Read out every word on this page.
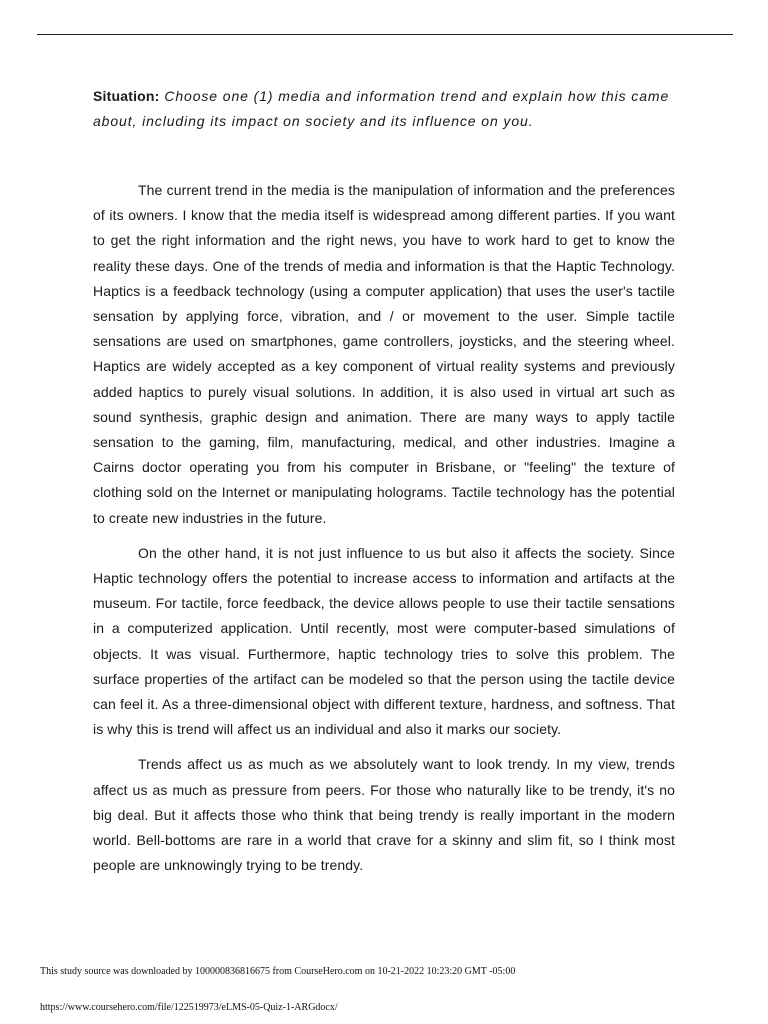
Situation: Choose one (1) media and information trend and explain how this came about, including its impact on society and its influence on you.

The current trend in the media is the manipulation of information and the preferences of its owners. I know that the media itself is widespread among different parties. If you want to get the right information and the right news, you have to work hard to get to know the reality these days. One of the trends of media and information is that the Haptic Technology. Haptics is a feedback technology (using a computer application) that uses the user's tactile sensation by applying force, vibration, and / or movement to the user. Simple tactile sensations are used on smartphones, game controllers, joysticks, and the steering wheel. Haptics are widely accepted as a key component of virtual reality systems and previously added haptics to purely visual solutions. In addition, it is also used in virtual art such as sound synthesis, graphic design and animation. There are many ways to apply tactile sensation to the gaming, film, manufacturing, medical, and other industries. Imagine a Cairns doctor operating you from his computer in Brisbane, or "feeling" the texture of clothing sold on the Internet or manipulating holograms. Tactile technology has the potential to create new industries in the future.

On the other hand, it is not just influence to us but also it affects the society. Since Haptic technology offers the potential to increase access to information and artifacts at the museum. For tactile, force feedback, the device allows people to use their tactile sensations in a computerized application. Until recently, most were computer-based simulations of objects. It was visual. Furthermore, haptic technology tries to solve this problem. The surface properties of the artifact can be modeled so that the person using the tactile device can feel it. As a three-dimensional object with different texture, hardness, and softness. That is why this is trend will affect us an individual and also it marks our society.

Trends affect us as much as we absolutely want to look trendy. In my view, trends affect us as much as pressure from peers. For those who naturally like to be trendy, it's no big deal. But it affects those who think that being trendy is really important in the modern world. Bell-bottoms are rare in a world that crave for a skinny and slim fit, so I think most people are unknowingly trying to be trendy.

This study source was downloaded by 100000836816675 from CourseHero.com on 10-21-2022 10:23:20 GMT -05:00
https://www.coursehero.com/file/122519973/eLMS-05-Quiz-1-ARGdocx/
